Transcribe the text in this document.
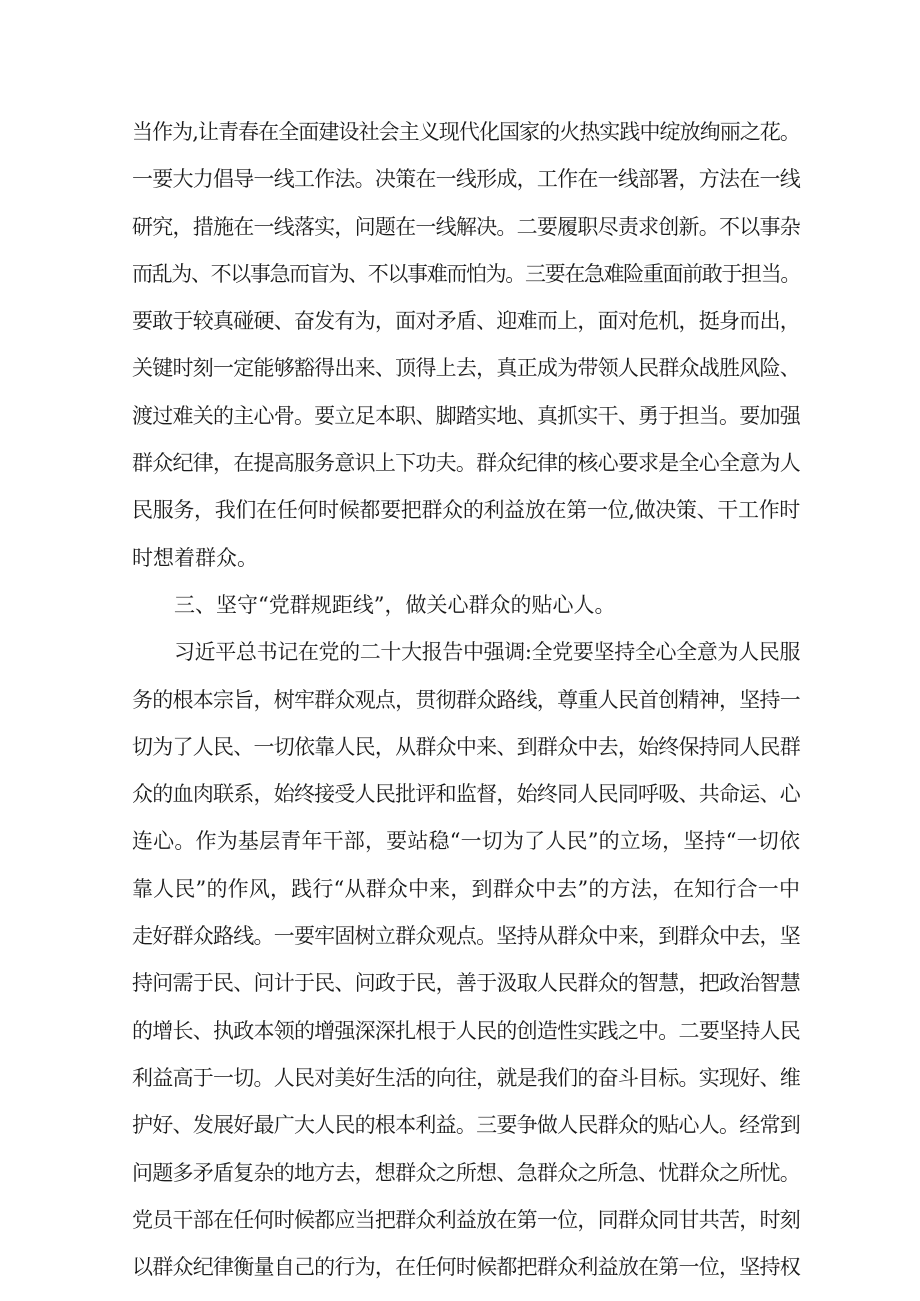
当作为,让青春在全面建设社会主义现代化国家的火热实践中绽放绚丽之花。
一要大力倡导一线工作法。决策在一线形成，工作在一线部署，方法在一线
研究，措施在一线落实，问题在一线解决。二要履职尽责求创新。不以事杂
而乱为、不以事急而盲为、不以事难而怕为。三要在急难险重面前敢于担当。
要敢于较真碰硬、奋发有为，面对矛盾、迎难而上，面对危机，挺身而出，
关键时刻一定能够豁得出来、顶得上去，真正成为带领人民群众战胜风险、
渡过难关的主心骨。要立足本职、脚踏实地、真抓实干、勇于担当。要加强
群众纪律，在提高服务意识上下功夫。群众纪律的核心要求是全心全意为人
民服务，我们在任何时候都要把群众的利益放在第一位,做决策、干工作时
时想着群众。
三、坚守“党群规距线”，做关心群众的贴心人。
习近平总书记在党的二十大报告中强调:全党要坚持全心全意为人民服
务的根本宗旨，树牢群众观点，贯彻群众路线，尊重人民首创精神，坚持一
切为了人民、一切依靠人民，从群众中来、到群众中去，始终保持同人民群
众的血肉联系，始终接受人民批评和监督，始终同人民同呼吸、共命运、心
连心。作为基层青年干部，要站稳“一切为了人民”的立场，坚持“一切依
靠人民”的作风，践行“从群众中来，到群众中去”的方法，在知行合一中
走好群众路线。一要牢固树立群众观点。坚持从群众中来，到群众中去，坚
持问需于民、问计于民、问政于民，善于汲取人民群众的智慧，把政治智慧
的增长、执政本领的增强深深扎根于人民的创造性实践之中。二要坚持人民
利益高于一切。人民对美好生活的向往，就是我们的奋斗目标。实现好、维
护好、发展好最广大人民的根本利益。三要争做人民群众的贴心人。经常到
问题多矛盾复杂的地方去，想群众之所想、急群众之所急、忧群众之所忧。
党员干部在任何时候都应当把群众利益放在第一位，同群众同甘共苦，时刻
以群众纪律衡量自己的行为，在任何时候都把群众利益放在第一位，坚持权
